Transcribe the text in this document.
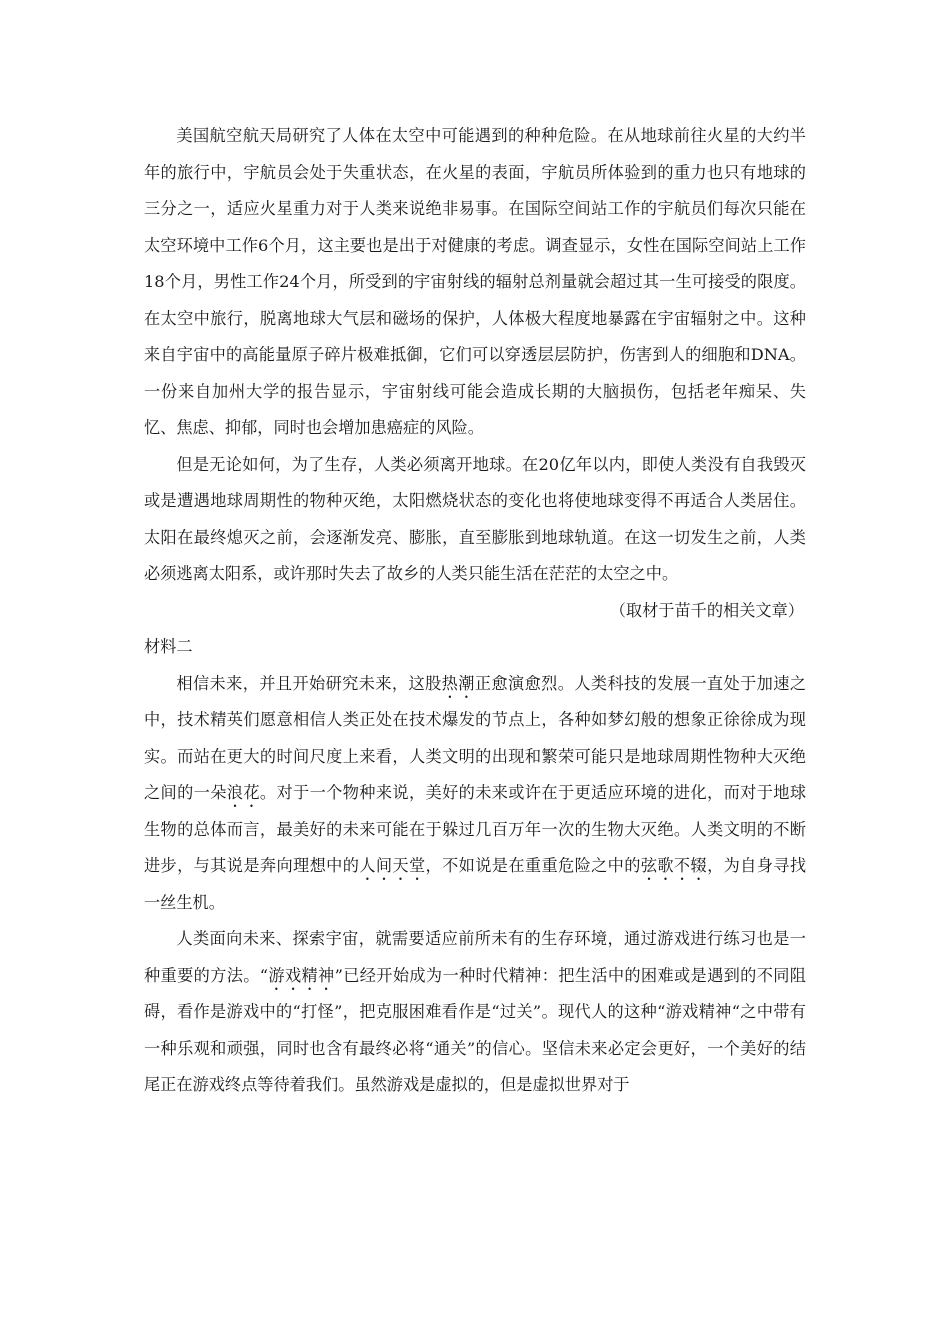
美国航空航天局研究了人体在太空中可能遇到的种种危险。在从地球前往火星的大约半年的旅行中，宇航员会处于失重状态，在火星的表面，宇航员所体验到的重力也只有地球的三分之一，适应火星重力对于人类来说绝非易事。在国际空间站工作的宇航员们每次只能在太空环境中工作6个月，这主要也是出于对健康的考虑。调查显示，女性在国际空间站上工作18个月，男性工作24个月，所受到的宇宙射线的辐射总剂量就会超过其一生可接受的限度。在太空中旅行，脱离地球大气层和磁场的保护，人体极大程度地暴露在宇宙辐射之中。这种来自宇宙中的高能量原子碎片极难抵御，它们可以穿透层层防护，伤害到人的细胞和DNA。一份来自加州大学的报告显示，宇宙射线可能会造成长期的大脑损伤，包括老年痴呆、失忆、焦虑、抑郁，同时也会增加患癌症的风险。

但是无论如何，为了生存，人类必须离开地球。在20亿年以内，即使人类没有自我毁灭或是遭遇地球周期性的物种灭绝，太阳燃烧状态的变化也将使地球变得不再适合人类居住。太阳在最终熄灭之前，会逐渐发亮、膨胀，直至膨胀到地球轨道。在这一切发生之前，人类必须逃离太阳系，或许那时失去了故乡的人类只能生活在茫茫的太空之中。

（取材于苗千的相关文章）

材料二

相信未来，并且开始研究未来，这股热潮正愈演愈烈。人类科技的发展一直处于加速之中，技术精英们愿意相信人类正处在技术爆发的节点上，各种如梦幻般的想象正徐徐成为现实。而站在更大的时间尺度上来看，人类文明的出现和繁荣可能只是地球周期性物种大灭绝之间的一朵浪花。对于一个物种来说，美好的未来或许在于更适应环境的进化，而对于地球生物的总体而言，最美好的未来可能在于躲过几百万年一次的生物大灭绝。人类文明的不断进步，与其说是奔向理想中的人间天堂，不如说是在重重危险之中的弦歌不辍，为自身寻找一丝生机。

人类面向未来、探索宇宙，就需要适应前所未有的生存环境，通过游戏进行练习也是一种重要的方法。“游戏精神”已经开始成为一种时代精神：把生活中的困难或是遇到的不同阻碍，看作是游戏中的“打怪”，把克服困难看作是“过关”。现代人的这种“游戏精神“之中带有一种乐观和顽强，同时也含有最终必将“通关”的信心。坚信未来必定会更好，一个美好的结尾正在游戏终点等待着我们。虽然游戏是虚拟的，但是虚拟世界对于
